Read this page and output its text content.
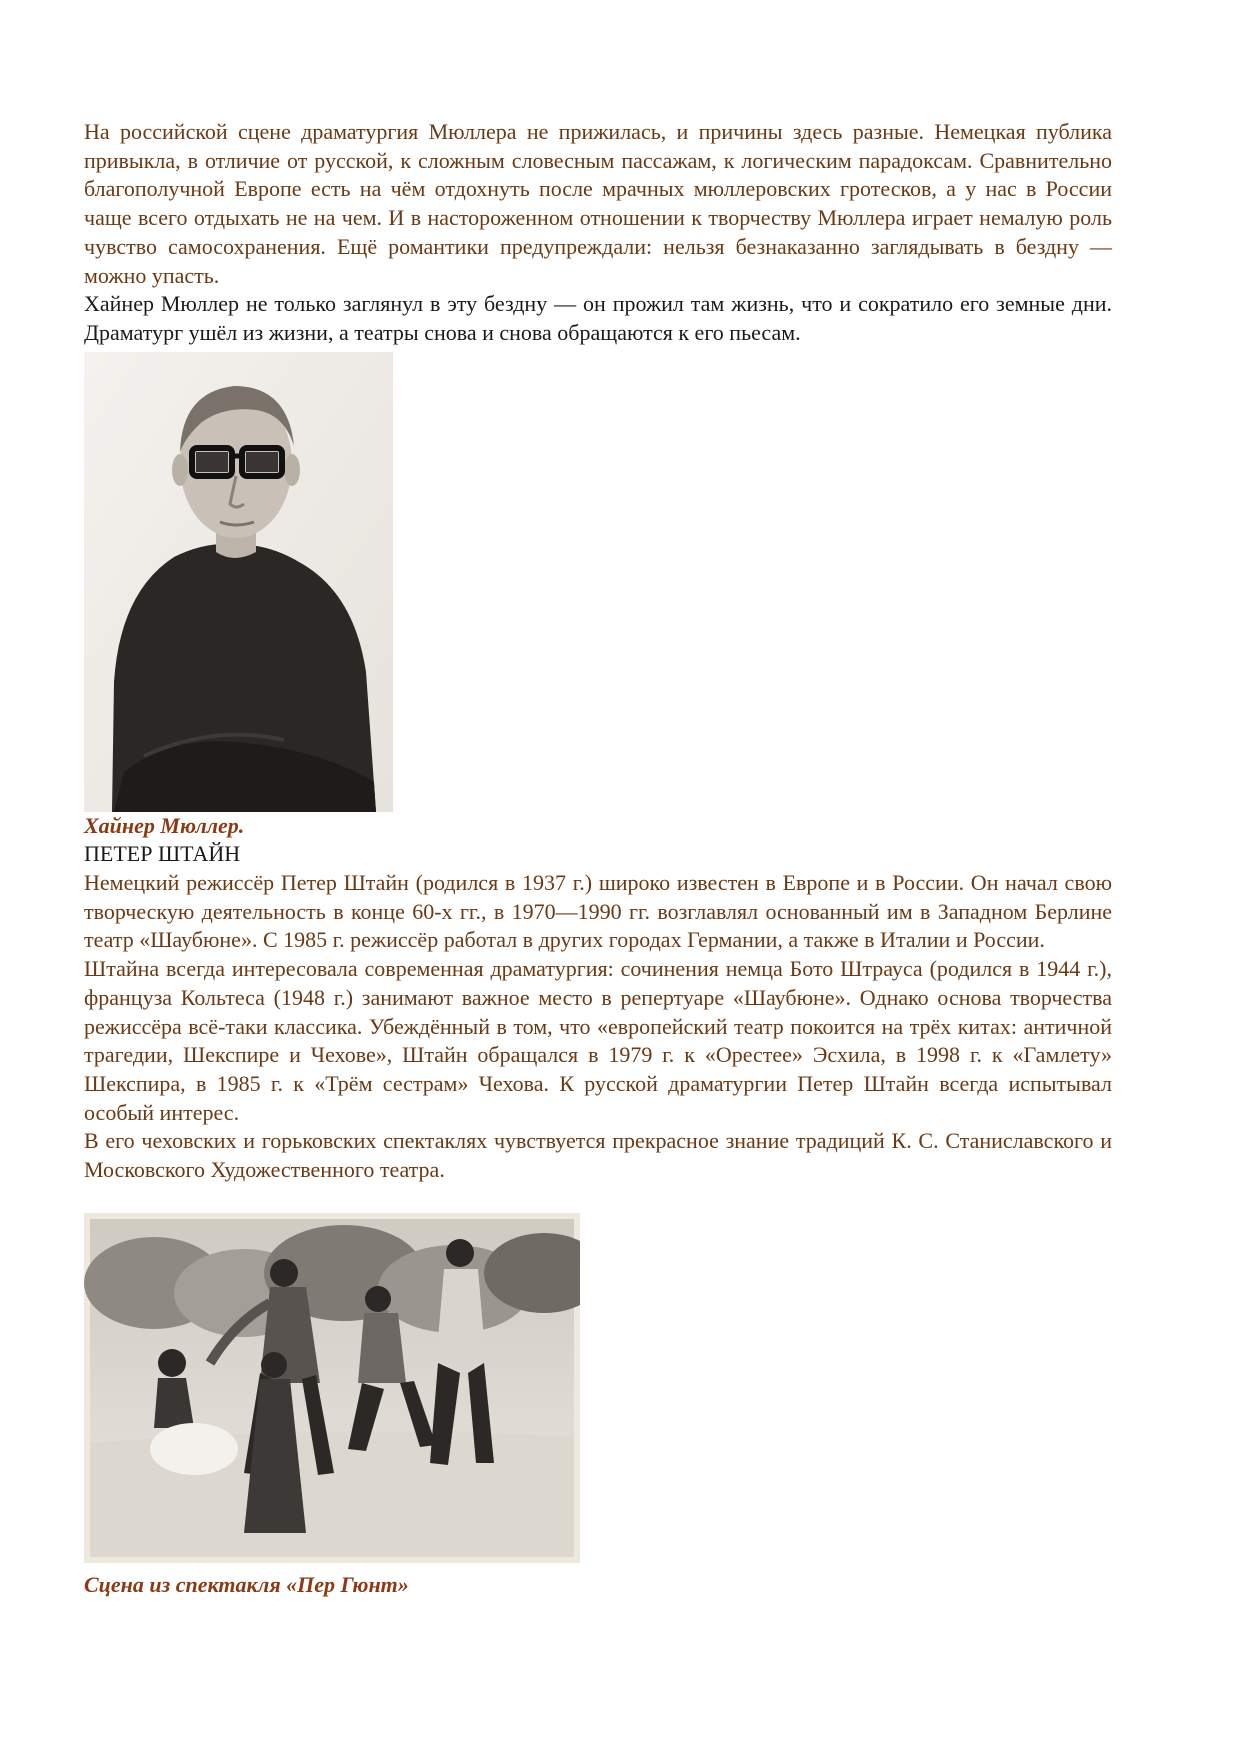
На российской сцене драматургия Мюллера не прижилась, и причины здесь разные. Немецкая публика привыкла, в отличие от русской, к сложным словесным пассажам, к логическим парадоксам. Сравнительно благополучной Европе есть на чём отдохнуть после мрачных мюллеровских гротесков, а у нас в России чаще всего отдыхать не на чем. И в настороженном отношении к творчеству Мюллера играет немалую роль чувство самосохранения. Ещё романтики предупреждали: нельзя безнаказанно заглядывать в бездну — можно упасть.

Хайнер Мюллер не только заглянул в эту бездну — он прожил там жизнь, что и сократило его земные дни. Драматург ушёл из жизни, а театры снова и снова обращаются к его пьесам.

Хайнер Мюллер.

ПЕТЕР ШТАЙН

Немецкий режиссёр Петер Штайн (родился в 1937 г.) широко известен в Европе и в России. Он начал свою творческую деятельность в конце 60-х гг., в 1970—1990 гг. возглавлял основанный им в Западном Берлине театр «Шаубюне». С 1985 г. режиссёр работал в других городах Германии, а также в Италии и России.

Штайна всегда интересовала современная драматургия: сочинения немца Бото Штрауса (родился в 1944 г.), француза Кольтеса (1948 г.) занимают важное место в репертуаре «Шаубюне». Однако основа творчества режиссёра всё-таки классика. Убеждённый в том, что «европейский театр покоится на трёх китах: античной трагедии, Шекспире и Чехове», Штайн обращался в 1979 г. к «Орестее» Эсхила, в 1998 г. к «Гамлету» Шекспира, в 1985 г. к «Трём сестрам» Чехова. К русской драматургии Петер Штайн всегда испытывал особый интерес.

В его чеховских и горьковских спектаклях чувствуется прекрасное знание традиций К. С. Станиславского и Московского Художественного театра.

Сцена из спектакля «Пер Гюнт»
